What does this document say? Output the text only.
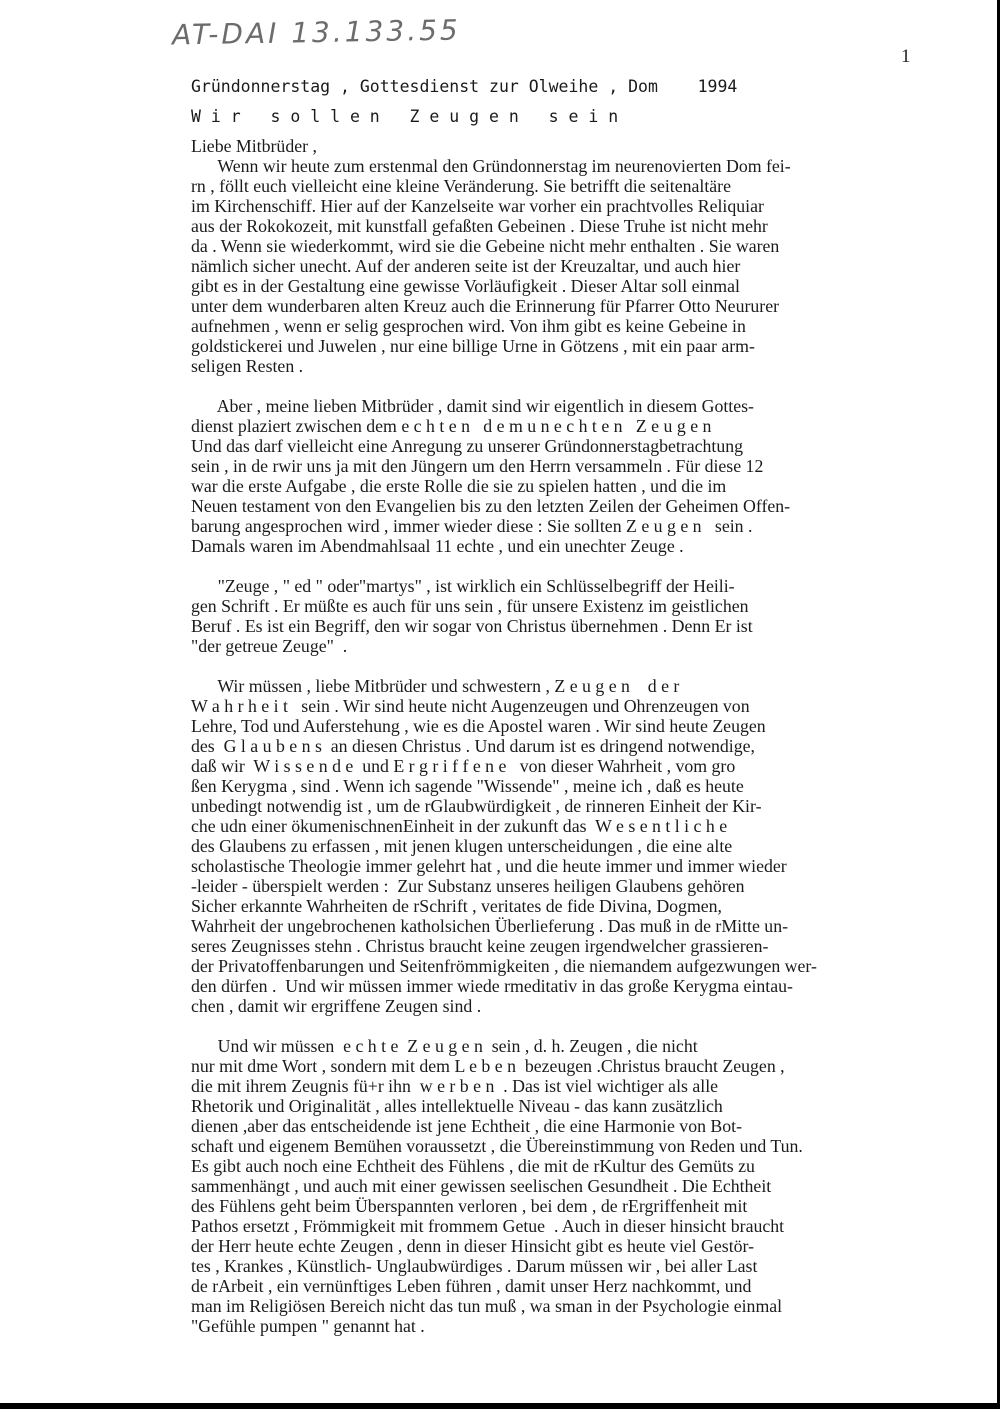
AT-DAI 13.133.55
1
Gründonnerstag , Gottesdienst zur Olweihe , Dom    1994
W i r   s o l l e n   Z e u g e n   s e i n
Liebe Mitbrüder ,
Wenn wir heute zum erstenmal den Gründonnerstag im neurenovierten Dom fei-
rn , föllt euch vielleicht eine kleine Veränderung. Sie betrifft die seitenaltäre
im Kirchenschiff. Hier auf der Kanzelseite war vorher ein prachtvolles Reliquiar
aus der Rokokozeit, mit kunstfall gefaßten Gebeinen . Diese Truhe ist nicht mehr
da . Wenn sie wiederkommt, wird sie die Gebeine nicht mehr enthalten . Sie waren
nämlich sicher unecht. Auf der anderen seite ist der Kreuzaltar, und auch hier
gibt es in der Gestaltung eine gewisse Vorläufigkeit . Dieser Altar soll einmal
unter dem wunderbaren alten Kreuz auch die Erinnerung für Pfarrer Otto Neururer
aufnehmen , wenn er selig gesprochen wird. Von ihm gibt es keine Gebeine in
goldstickerei und Juwelen , nur eine billige Urne in Götzens , mit ein paar arm-
seligen Resten .
Aber , meine lieben Mitbrüder , damit sind wir eigentlich in diesem Gottes-
dienst plaziert zwischen dem e c h t e n   d e m u n e c h t e n   Z e u g e n
Und das darf vielleicht eine Anregung zu unserer Gründonnerstagbetrachtung
sein , in de rwir uns ja mit den Jüngern um den Herrn versammeln . Für diese 12
war die erste Aufgabe , die erste Rolle die sie zu spielen hatten , und die im
Neuen testament von den Evangelien bis zu den letzten Zeilen der Geheimen Offen-
barung angesprochen wird , immer wieder diese : Sie sollten Z e u g e n   sein .
Damals waren im Abendmahlsaal 11 echte , und ein unechter Zeuge .
"Zeuge , " ed " oder"martys" , ist wirklich ein Schlüsselbegriff der Heili-
gen Schrift . Er müßte es auch für uns sein , für unsere Existenz im geistlichen
Beruf . Es ist ein Begriff, den wir sogar von Christus übernehmen . Denn Er ist
"der getreue Zeuge"  .
Wir müssen , liebe Mitbrüder und schwestern , Z e u g e n    d e r
W a h r h e i t   sein . Wir sind heute nicht Augenzeugen und Ohrenzeugen von
Lehre, Tod und Auferstehung , wie es die Apostel waren . Wir sind heute Zeugen
des  G l a u b e n s  an diesen Christus . Und darum ist es dringend notwendige,
daß wir  W i s s e n d e  und E r g r i f f e n e   von dieser Wahrheit , vom gro
ßen Kerygma , sind . Wenn ich sagende "Wissende" , meine ich , daß es heute
unbedingt notwendig ist , um de rGlaubwürdigkeit , de rinneren Einheit der Kir-
che udn einer ökumenischnenEinheit in der zukunft das  W e s e n t l i c h e
des Glaubens zu erfassen , mit jenen klugen unterscheidungen , die eine alte
scholastische Theologie immer gelehrt hat , und die heute immer und immer wieder
-leider - überspielt werden :  Zur Substanz unseres heiligen Glaubens gehören
Sicher erkannte Wahrheiten de rSchrift , veritates de fide Divina, Dogmen,
Wahrheit der ungebrochenen katholsichen Überlieferung . Das muß in de rMitte un-
seres Zeugnisses stehn . Christus braucht keine zeugen irgendwelcher grassieren-
der Privatoffenbarungen und Seitenfrömmigkeiten , die niemandem aufgezwungen wer-
den dürfen .  Und wir müssen immer wiede rmeditativ in das große Kerygma eintau-
chen , damit wir ergriffene Zeugen sind .
Und wir müssen  e c h t e  Z e u g e n  sein , d. h. Zeugen , die nicht
nur mit dme Wort , sondern mit dem L e b e n  bezeugen .Christus braucht Zeugen ,
die mit ihrem Zeugnis fü+r ihn  w e r b e n  . Das ist viel wichtiger als alle
Rhetorik und Originalität , alles intellektuelle Niveau - das kann zusätzlich
dienen ,aber das entscheidende ist jene Echtheit , die eine Harmonie von Bot-
schaft und eigenem Bemühen voraussetzt , die Übereinstimmung von Reden und Tun.
Es gibt auch noch eine Echtheit des Fühlens , die mit de rKultur des Gemüts zu
sammenhängt , und auch mit einer gewissen seelischen Gesundheit . Die Echtheit
des Fühlens geht beim Überspannten verloren , bei dem , de rErgriffenheit mit
Pathos ersetzt , Frömmigkeit mit frommem Getue  . Auch in dieser hinsicht braucht
der Herr heute echte Zeugen , denn in dieser Hinsicht gibt es heute viel Gestör-
tes , Krankes , Künstlich- Unglaubwürdiges . Darum müssen wir , bei aller Last
de rArbeit , ein vernünftiges Leben führen , damit unser Herz nachkommt, und
man im Religiösen Bereich nicht das tun muß , wa sman in der Psychologie einmal
"Gefühle pumpen " genannt hat .
